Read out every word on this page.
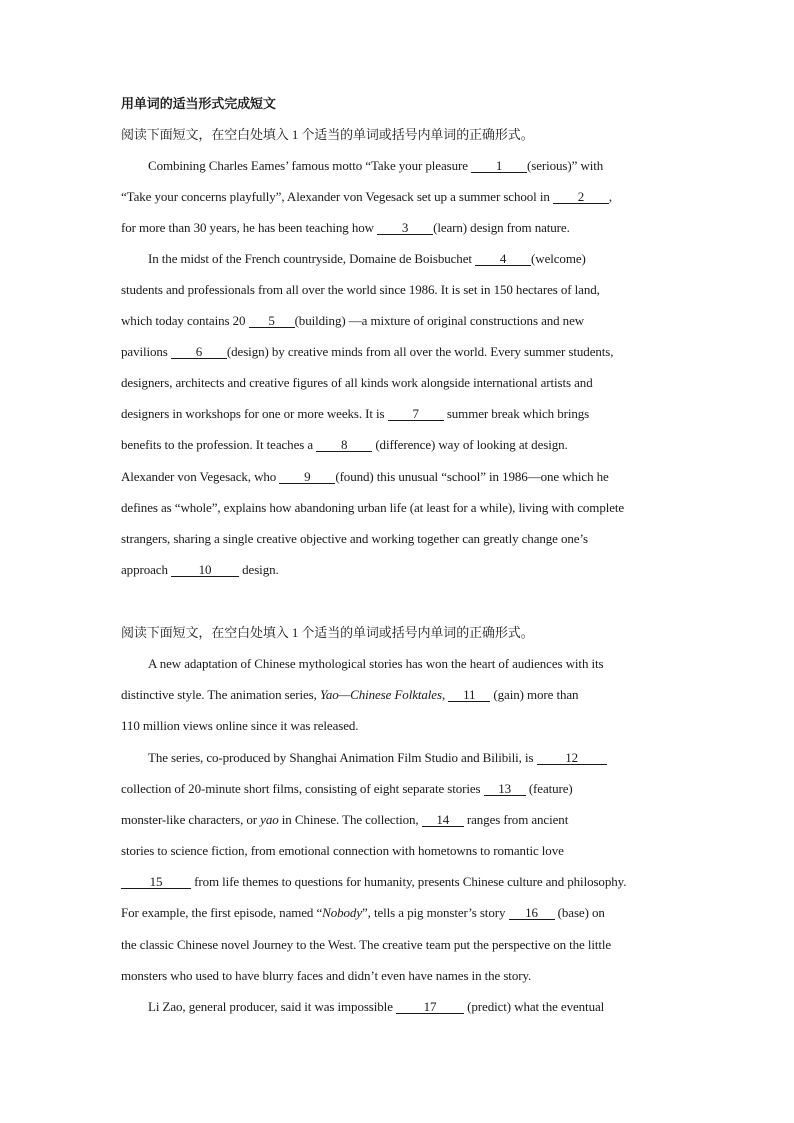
用单词的适当形式完成短文
阅读下面短文，在空白处填入 1 个适当的单词或括号内单词的正确形式。
Combining Charles Eames’ famous motto “Take your pleasure 1 (serious)” with
“Take your concerns playfully”, Alexander von Vegesack set up a summer school in 2 ,
for more than 30 years, he has been teaching how 3 (learn) design from nature.
In the midst of the French countryside, Domaine de Boisbuchet 4 (welcome)
students and professionals from all over the world since 1986. It is set in 150 hectares of land,
which today contains 20 5 (building) —a mixture of original constructions and new
pavilions 6 (design) by creative minds from all over the world. Every summer students,
designers, architects and creative figures of all kinds work alongside international artists and
designers in workshops for one or more weeks. It is 7 summer break which brings
benefits to the profession. It teaches a 8 (difference) way of looking at design.
Alexander von Vegesack, who 9 (found) this unusual “school” in 1986—one which he
defines as “whole”, explains how abandoning urban life (at least for a while), living with complete
strangers, sharing a single creative objective and working together can greatly change one’s
approach 10 design.
阅读下面短文，在空白处填入 1 个适当的单词或括号内单词的正确形式。
A new adaptation of Chinese mythological stories has won the heart of audiences with its
distinctive style. The animation series, Yao—Chinese Folktales, 11 (gain) more than
110 million views online since it was released.
The series, co-produced by Shanghai Animation Film Studio and Bilibili, is 12
collection of 20-minute short films, consisting of eight separate stories 13 (feature)
monster-like characters, or yao in Chinese. The collection, 14 ranges from ancient
stories to science fiction, from emotional connection with hometowns to romantic love
15 from life themes to questions for humanity, presents Chinese culture and philosophy.
For example, the first episode, named “Nobody”, tells a pig monster’s story 16 (base) on
the classic Chinese novel Journey to the West. The creative team put the perspective on the little
monsters who used to have blurry faces and didn’t even have names in the story.
Li Zao, general producer, said it was impossible 17 (predict) what the eventual
